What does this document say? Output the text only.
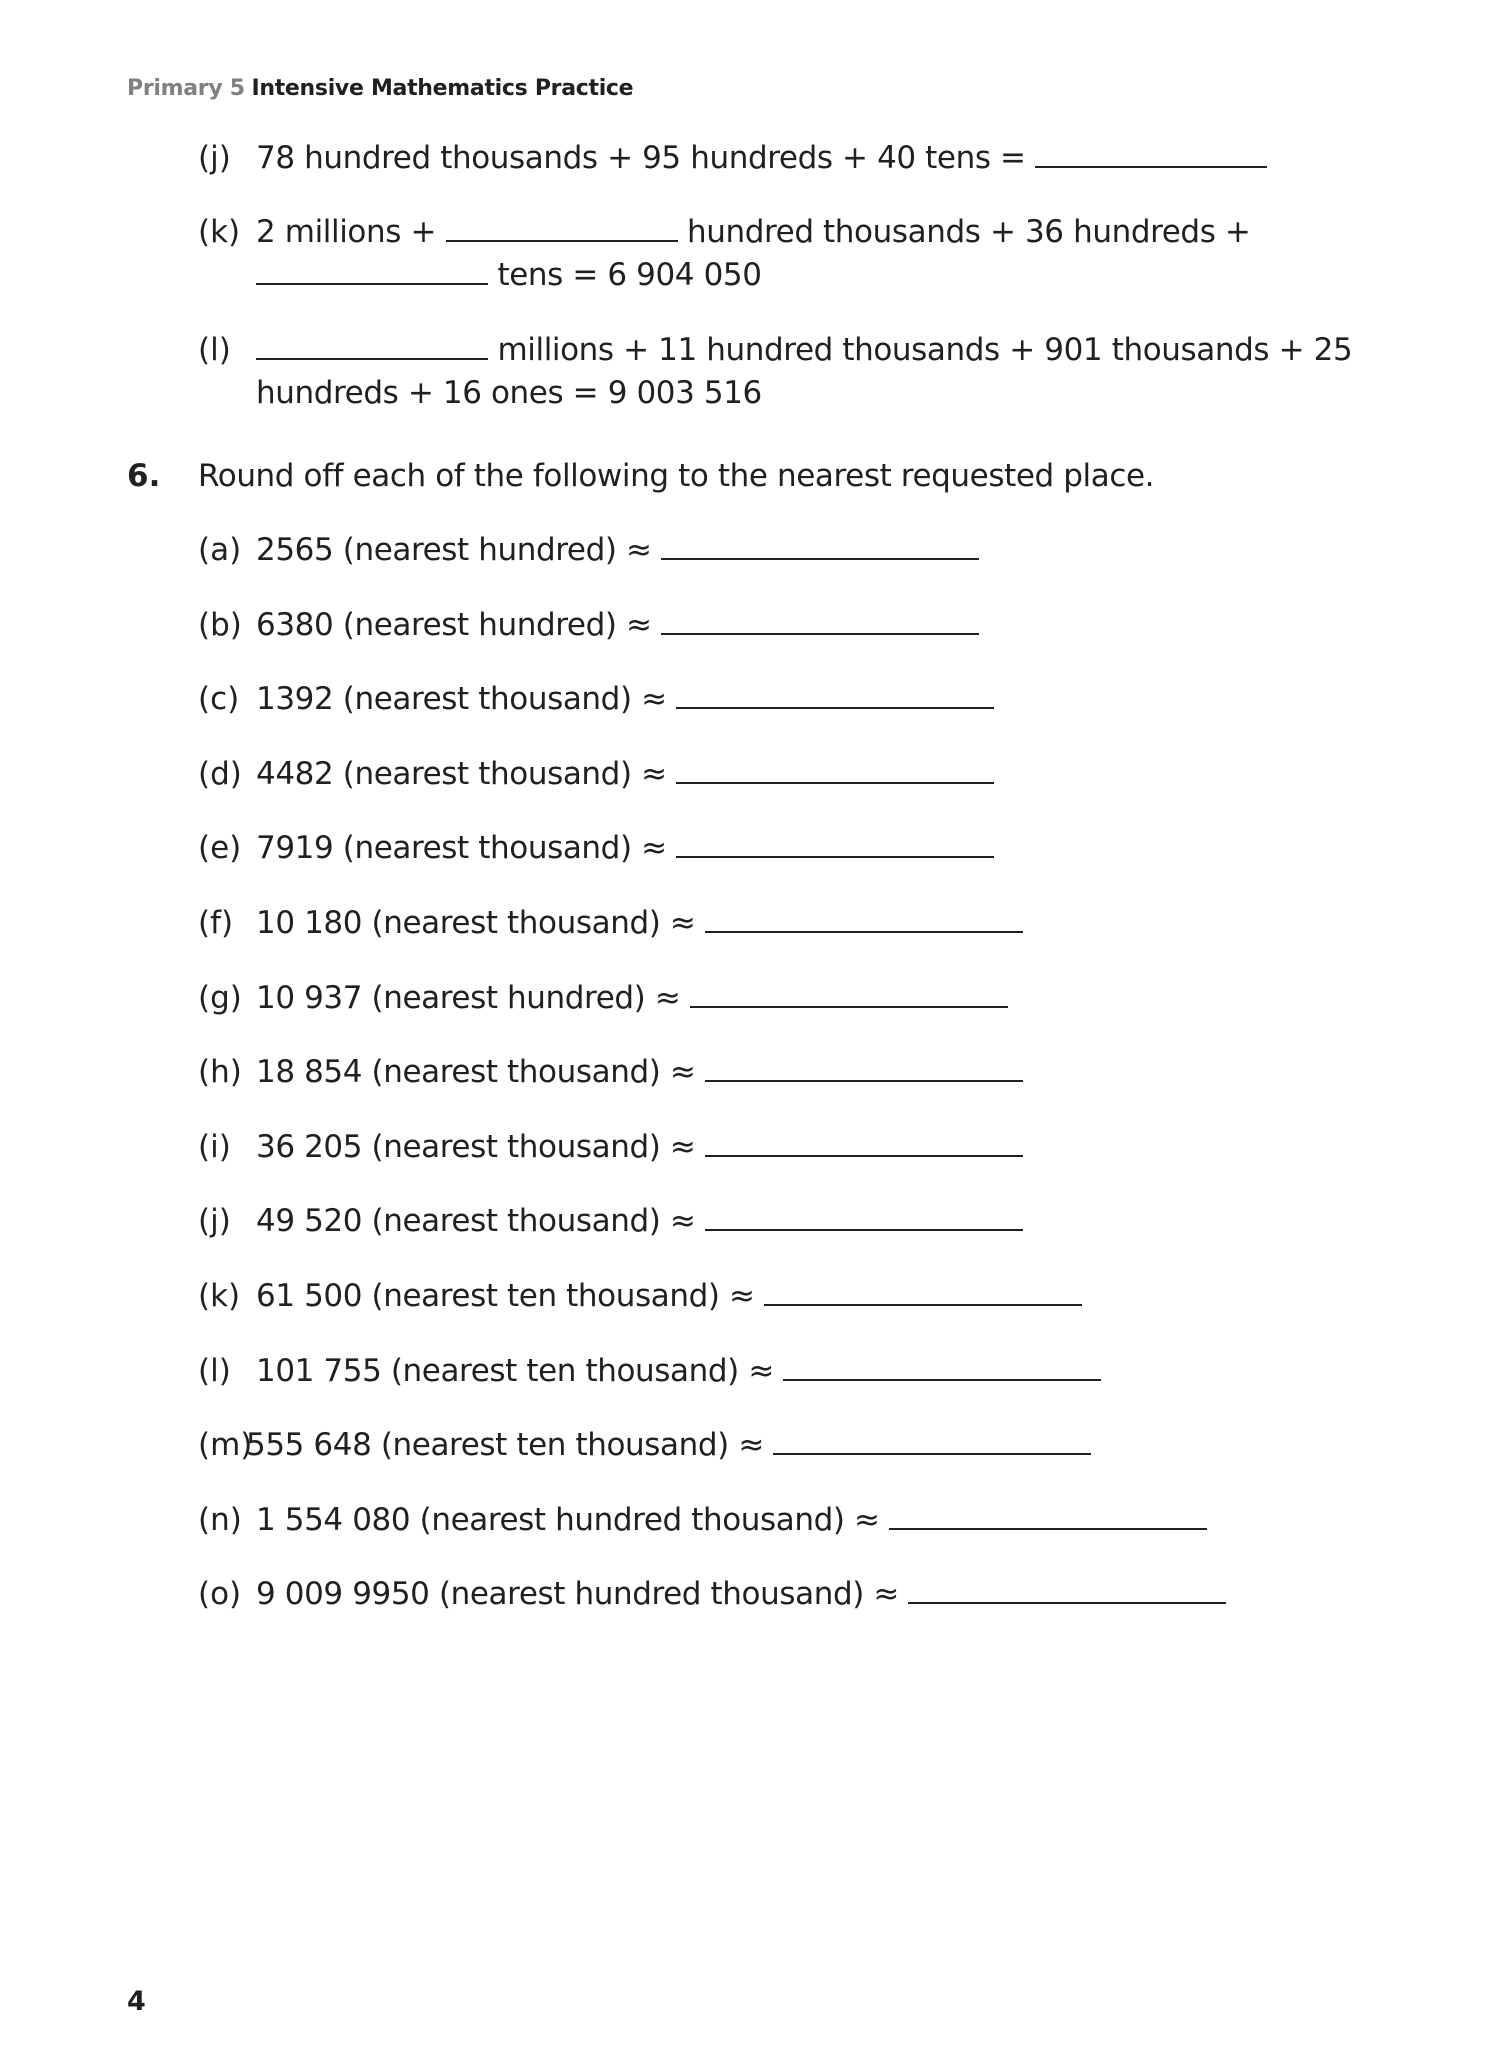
Primary 5 Intensive Mathematics Practice
(j) 78 hundred thousands + 95 hundreds + 40 tens =
(k) 2 millions +	hundred thousands + 36 hundreds +
tens = 6 904 050
(l)	millions + 11 hundred thousands + 901 thousands + 25
hundreds + 16 ones = 9 003 516
6. Round off each of the following to the nearest requested place.
(a) 2565 (nearest hundred) ≈
(b) 6380 (nearest hundred) ≈
(c) 1392 (nearest thousand) ≈
(d) 4482 (nearest thousand) ≈
(e) 7919 (nearest thousand) ≈
(f) 10 180 (nearest thousand) ≈
(g) 10 937 (nearest hundred) ≈
(h) 18 854 (nearest thousand) ≈
(i) 36 205 (nearest thousand) ≈
(j) 49 520 (nearest thousand) ≈
(k) 61 500 (nearest ten thousand) ≈
(l) 101 755 (nearest ten thousand) ≈
(m)
555 648 (nearest ten thousand) ≈
(n) 1 554 080 (nearest hundred thousand) ≈
(o) 9 009 9950 (nearest hundred thousand) ≈
4
